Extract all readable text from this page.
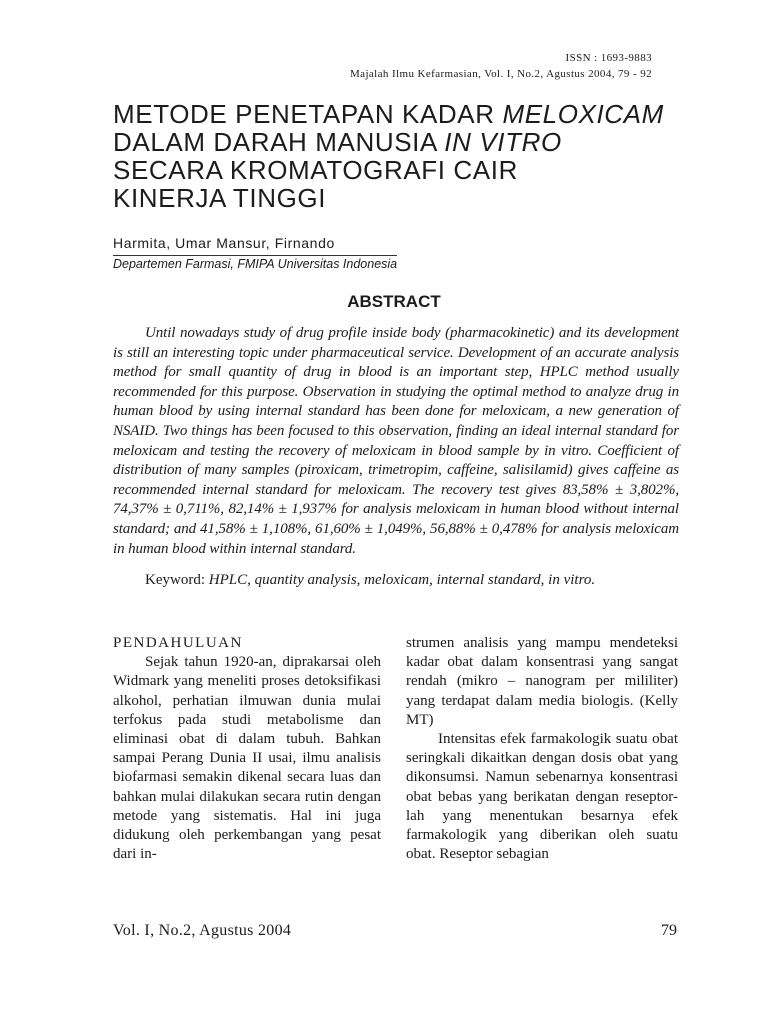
ISSN : 1693-9883
Majalah Ilmu Kefarmasian, Vol. I, No.2, Agustus 2004, 79 - 92
METODE PENETAPAN KADAR MELOXICAM
DALAM DARAH MANUSIA IN VITRO
SECARA KROMATOGRAFI CAIR
KINERJA TINGGI
Harmita, Umar Mansur, Firnando
Departemen Farmasi, FMIPA Universitas Indonesia
ABSTRACT

Until nowadays study of drug profile inside body (pharmacokinetic) and its development is still an interesting topic under pharmaceutical service. Development of an accurate analysis method for small quantity of drug in blood is an important step, HPLC method usually recommended for this purpose. Observation in studying the optimal method to analyze drug in human blood by using internal standard has been done for meloxicam, a new generation of NSAID. Two things has been focused to this observation, finding an ideal internal standard for meloxicam and testing the recovery of meloxicam in blood sample by in vitro. Coefficient of distribution of many samples (piroxicam, trimetropim, caffeine, salisilamid) gives caffeine as recommended internal standard for meloxicam. The recovery test gives 83,58% ± 3,802%, 74,37% ± 0,711%, 82,14% ± 1,937% for analysis meloxicam in human blood without internal standard; and 41,58% ± 1,108%, 61,60% ± 1,049%, 56,88% ± 0,478% for analysis meloxicam in human blood within internal standard.

Keyword: HPLC, quantity analysis, meloxicam, internal standard, in vitro.

PENDAHULUAN
Sejak tahun 1920-an, diprakarsai oleh Widmark yang meneliti proses detoksifikasi alkohol, perhatian ilmuwan dunia mulai terfokus pada studi metabolisme dan eliminasi obat di dalam tubuh. Bahkan sampai Perang Dunia II usai, ilmu analisis biofarmasi semakin dikenal secara luas dan bahkan mulai dilakukan secara rutin dengan metode yang sistematis. Hal ini juga didukung oleh perkembangan yang pesat dari in-
strumen analisis yang mampu mendeteksi kadar obat dalam konsentrasi yang sangat rendah (mikro – nanogram per mililiter) yang terdapat dalam media biologis. (Kelly MT)
Intensitas efek farmakologik suatu obat seringkali dikaitkan dengan dosis obat yang dikonsumsi. Namun sebenarnya konsentrasi obat bebas yang berikatan dengan reseptor-lah yang menentukan besarnya efek farmakologik yang diberikan oleh suatu obat. Reseptor sebagian
Vol. I, No.2, Agustus 2004	79
